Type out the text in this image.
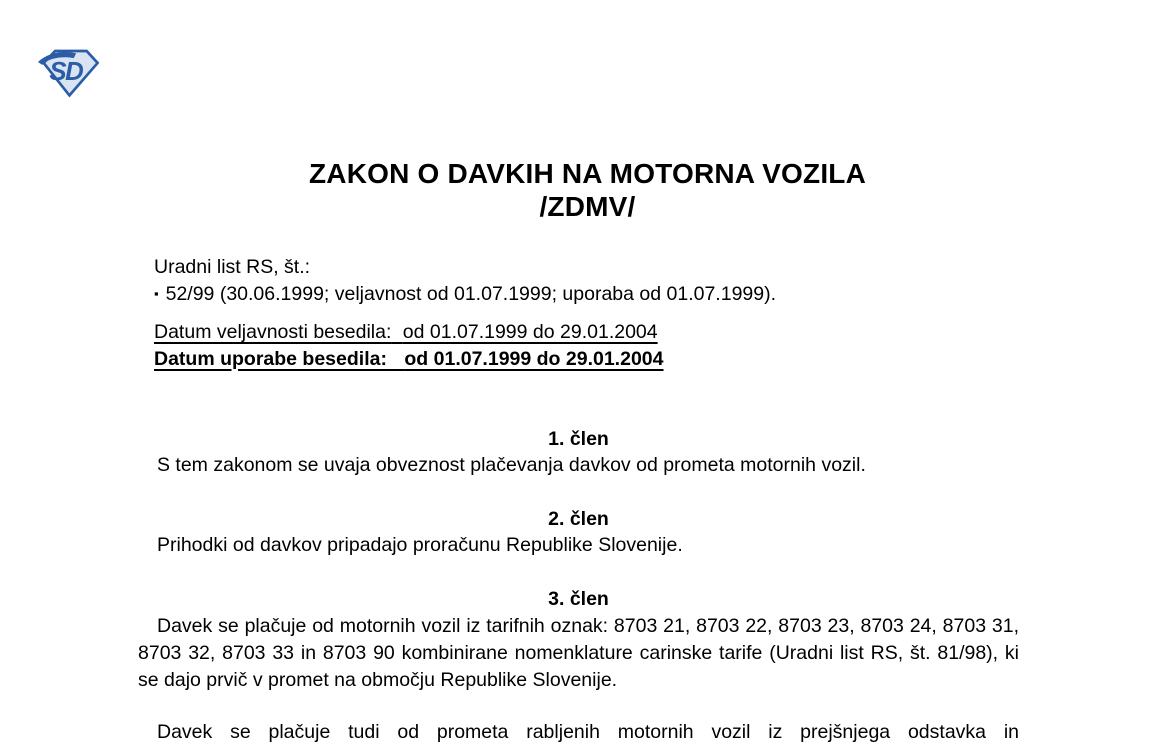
SD
ZAKON O DAVKIH NA MOTORNA VOZILA
/ZDMV/
Uradni list RS, št.:
▪ 52/99 (30.06.1999; veljavnost od 01.07.1999; uporaba od 01.07.1999).
Datum veljavnosti besedila: od 01.07.1999 do 29.01.2004
Datum uporabe besedila: od 01.07.1999 do 29.01.2004
1. člen

S tem zakonom se uvaja obveznost plačevanja davkov od prometa motornih vozil.

2. člen

Prihodki od davkov pripadajo proračunu Republike Slovenije.

3. člen

Davek se plačuje od motornih vozil iz tarifnih oznak: 8703 21, 8703 22, 8703 23, 8703 24, 8703 31, 8703 32, 8703 33 in 8703 90 kombinirane nomenklature carinske tarife (Uradni list RS, št. 81/98), ki se dajo prvič v promet na območju Republike Slovenije.

Davek se plačuje tudi od prometa rabljenih motornih vozil iz prejšnjega odstavka in
